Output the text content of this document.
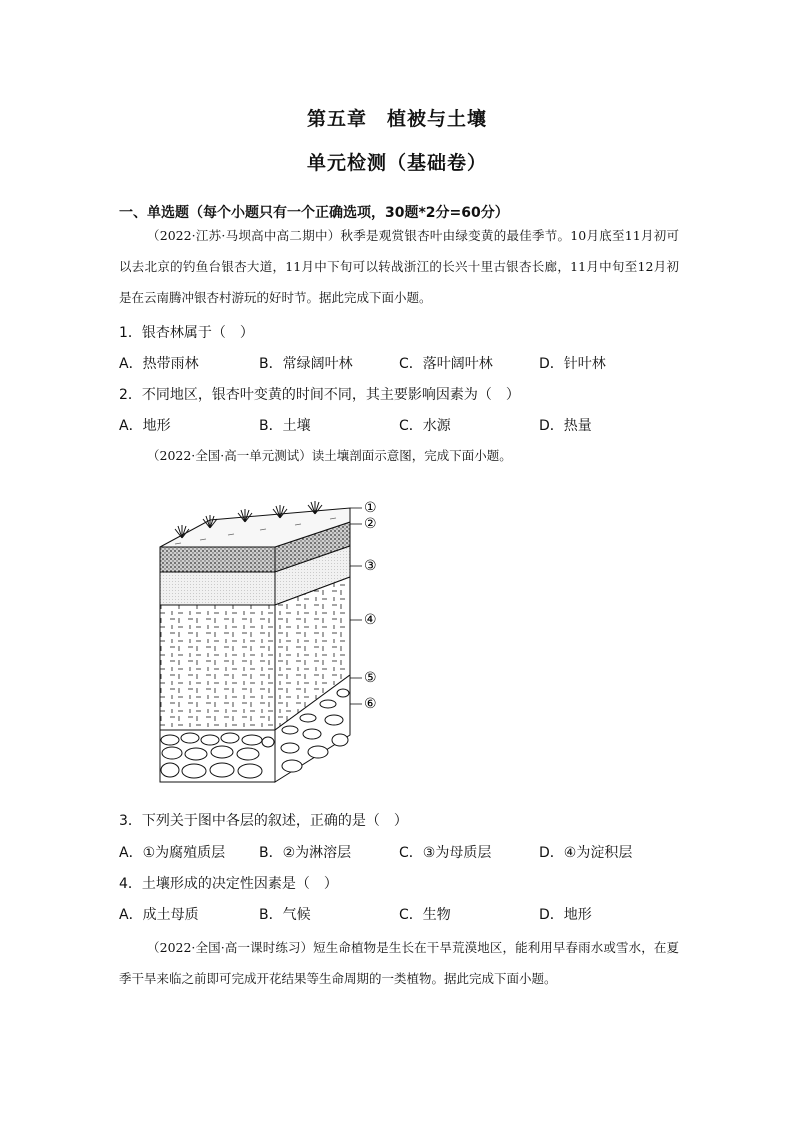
第五章　植被与土壤
单元检测（基础卷）
一、单选题（每个小题只有一个正确选项，30题*2分=60分）
（2022·江苏·马坝高中高二期中）秋季是观赏银杏叶由绿变黄的最佳季节。10月底至11月初可以去北京的钓鱼台银杏大道，11月中下旬可以转战浙江的长兴十里古银杏长廊，11月中旬至12月初是在云南腾冲银杏村游玩的好时节。据此完成下面小题。
1．银杏林属于（　）
A．热带雨林	B．常绿阔叶林	C．落叶阔叶林	D．针叶林
2．不同地区，银杏叶变黄的时间不同，其主要影响因素为（　）
A．地形	B．土壤	C．水源	D．热量
（2022·全国·高一单元测试）读土壤剖面示意图，完成下面小题。
①
②
③
④
⑤
⑥
3．下列关于图中各层的叙述，正确的是（　）
A．①为腐殖质层	B．②为淋溶层	C．③为母质层	D．④为淀积层
4．土壤形成的决定性因素是（　）
A．成土母质	B．气候	C．生物	D．地形
（2022·全国·高一课时练习）短生命植物是生长在干旱荒漠地区，能利用早春雨水或雪水，在夏季干旱来临之前即可完成开花结果等生命周期的一类植物。据此完成下面小题。
